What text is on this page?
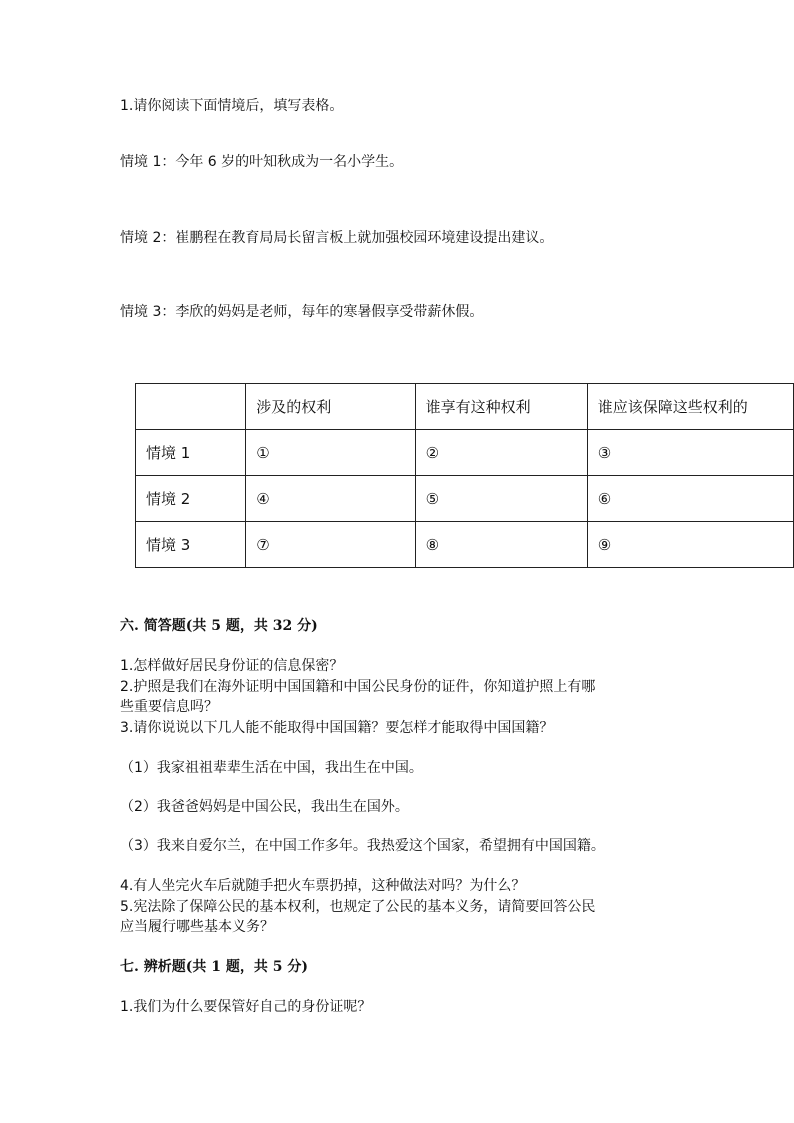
1.请你阅读下面情境后，填写表格。
情境 1：今年 6 岁的叶知秋成为一名小学生。
情境 2：崔鹏程在教育局局长留言板上就加强校园环境建设提出建议。
情境 3：李欣的妈妈是老师，每年的寒暑假享受带薪休假。
	涉及的权利	谁享有这种权利	谁应该保障这些权利的
情境 1	①	②	③
情境 2	④	⑤	⑥
情境 3	⑦	⑧	⑨
六. 简答题(共 5 题，共 32 分)
1.怎样做好居民身份证的信息保密？
2.护照是我们在海外证明中国国籍和中国公民身份的证件，你知道护照上有哪
些重要信息吗？
3.请你说说以下几人能不能取得中国国籍？要怎样才能取得中国国籍？
（1）我家祖祖辈辈生活在中国，我出生在中国。
（2）我爸爸妈妈是中国公民，我出生在国外。
（3）我来自爱尔兰，在中国工作多年。我热爱这个国家，希望拥有中国国籍。
4.有人坐完火车后就随手把火车票扔掉，这种做法对吗？为什么？
5.宪法除了保障公民的基本权利，也规定了公民的基本义务，请简要回答公民
应当履行哪些基本义务？
七. 辨析题(共 1 题，共 5 分)
1.我们为什么要保管好自己的身份证呢？
